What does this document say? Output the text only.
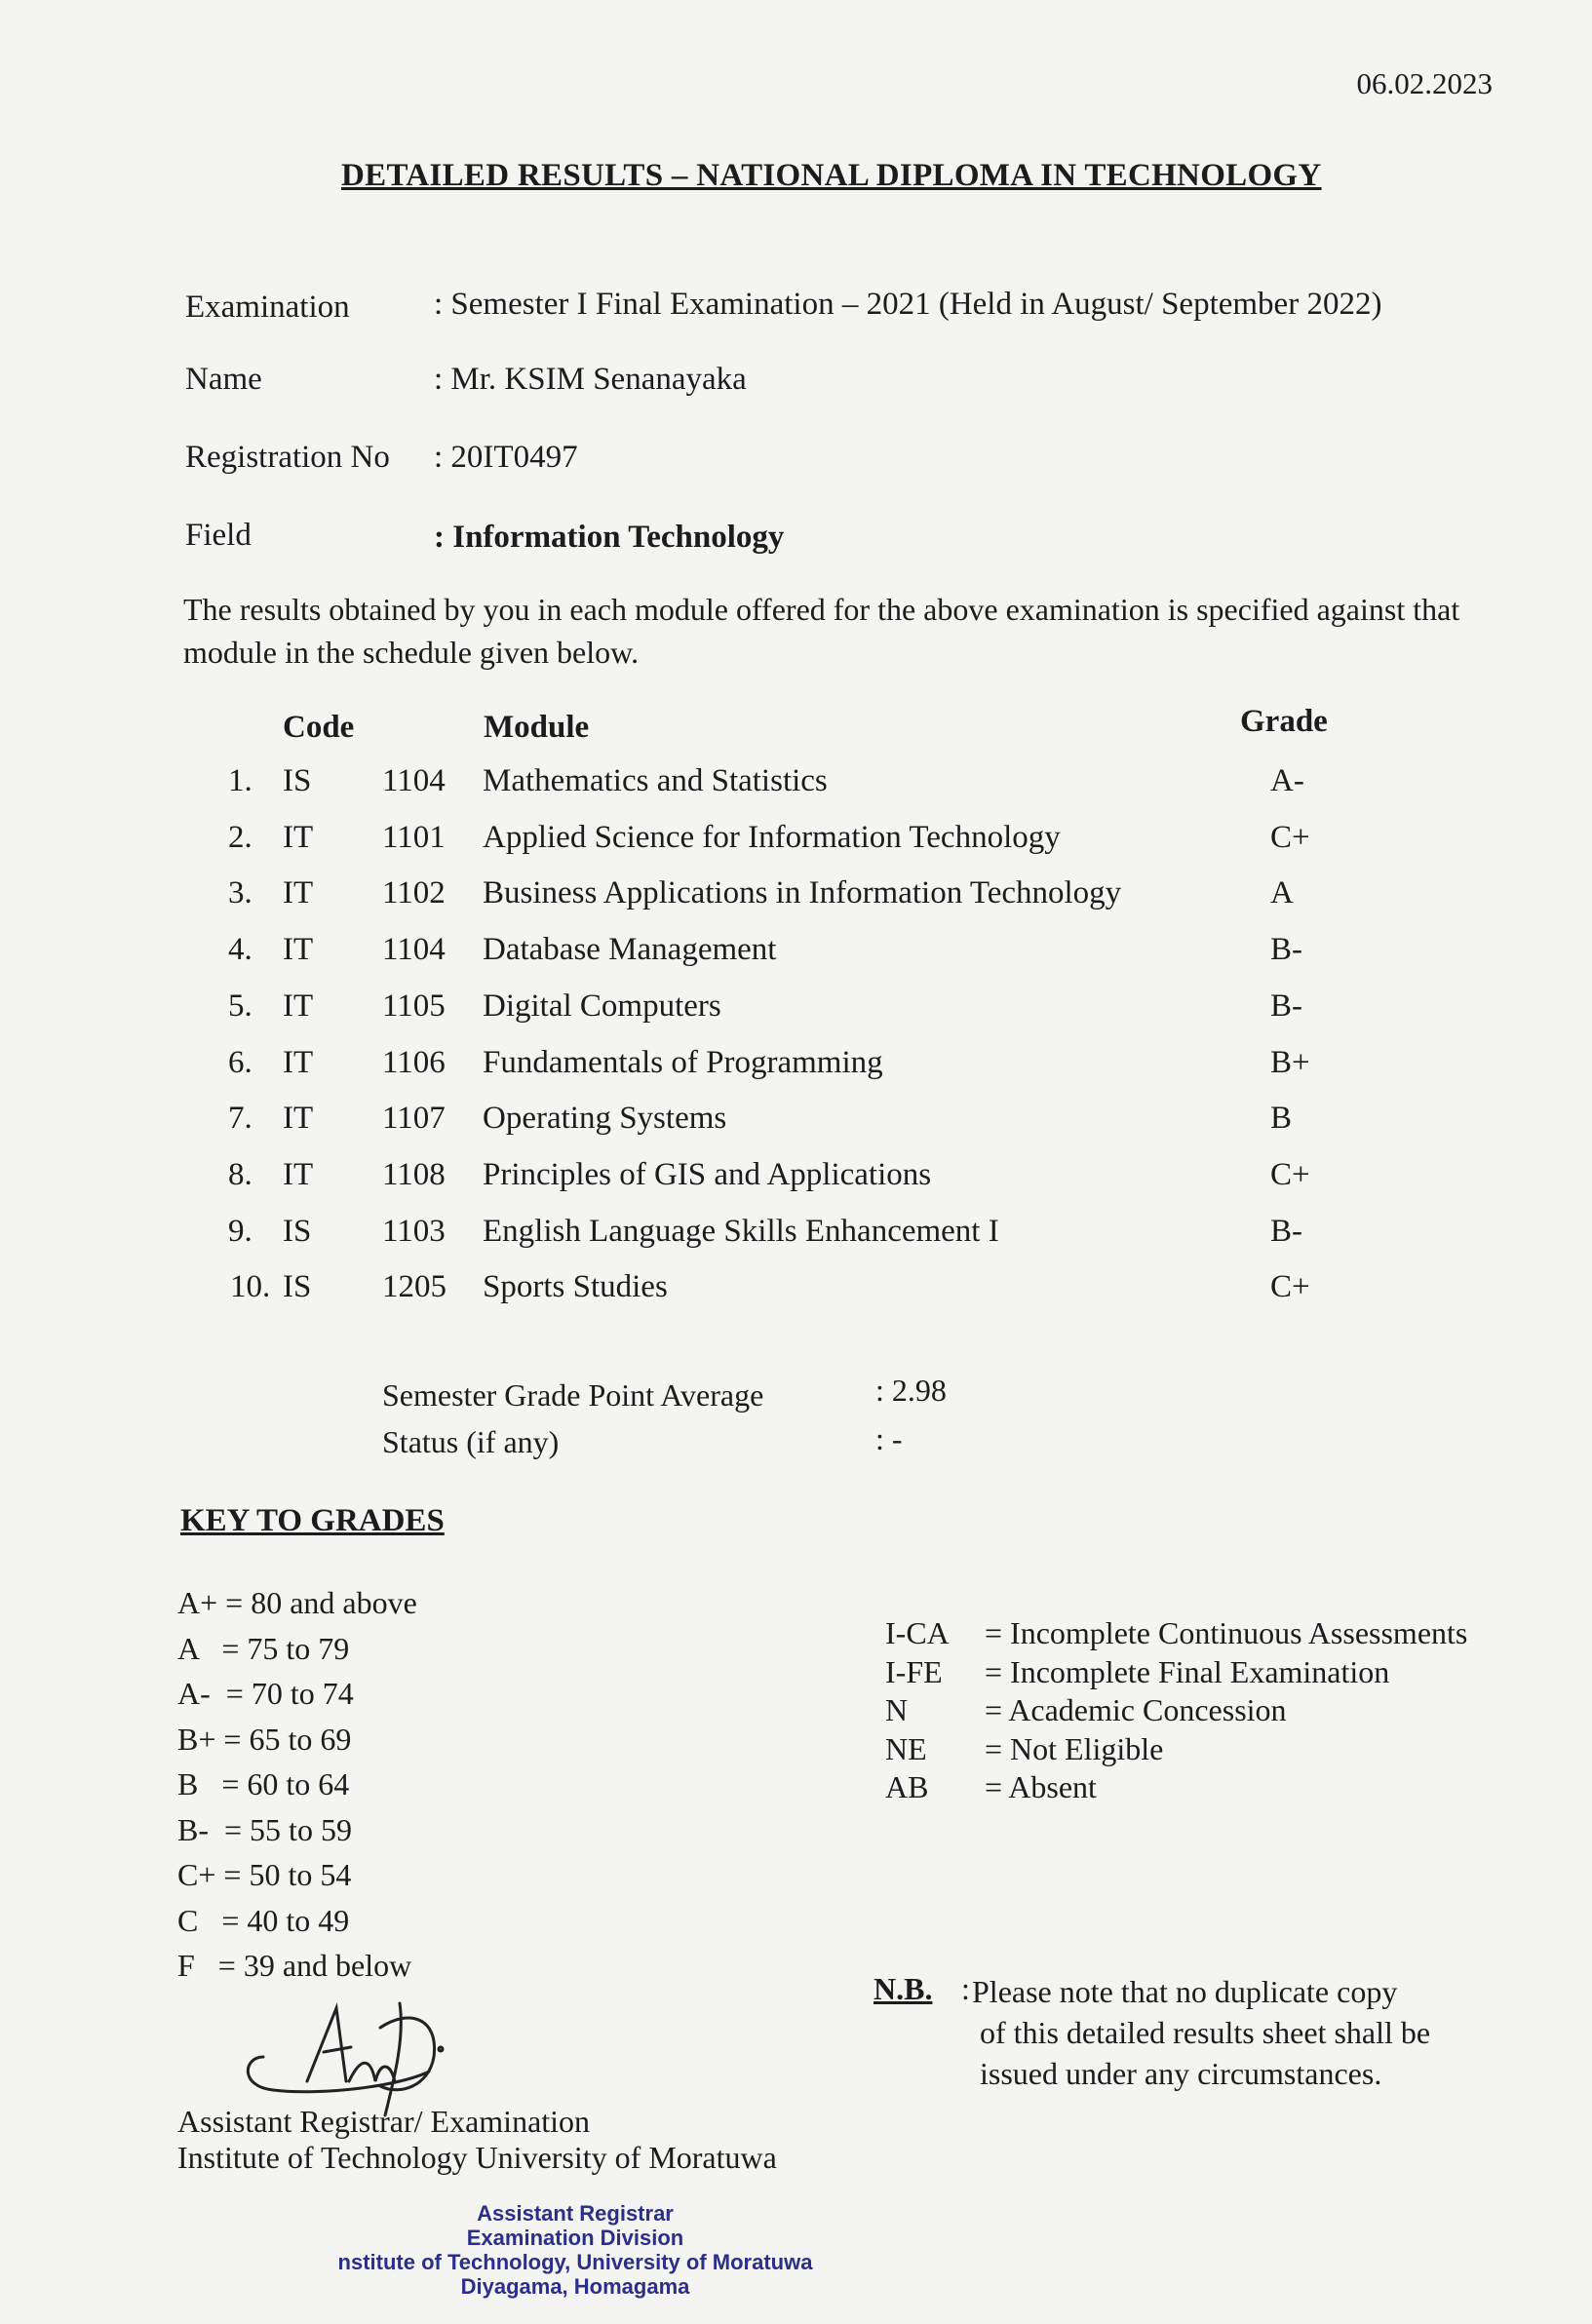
06.02.2023
DETAILED RESULTS – NATIONAL DIPLOMA IN TECHNOLOGY
Examination	: Semester I Final Examination – 2021 (Held in August/ September 2022)
Name	: Mr. KSIM Senanayaka
Registration No : 20IT0497
Field	: Information Technology
The results obtained by you in each module offered for the above examination is specified against that module in the schedule given below.
Code	Module	Grade
1. IS 1104 Mathematics and Statistics	A-
2. IT 1101 Applied Science for Information Technology	C+
3. IT 1102 Business Applications in Information Technology	A
4. IT 1104 Database Management	B-
5. IT 1105 Digital Computers	B-
6. IT 1106 Fundamentals of Programming	B+
7. IT 1107 Operating Systems	B
8. IT 1108 Principles of GIS and Applications	C+
9. IS 1103 English Language Skills Enhancement I	B-
10. IS 1205 Sports Studies	C+
Semester Grade Point Average	: 2.98
Status (if any)	: -
KEY TO GRADES
A+ = 80 and above
A   = 75 to 79
A-  = 70 to 74
B+ = 65 to 69
B   = 60 to 64
B-  = 55 to 59
C+ = 50 to 54
C   = 40 to 49
F   = 39 and below
I-CA = Incomplete Continuous Assessments
I-FE = Incomplete Final Examination
N = Academic Concession
NE = Not Eligible
AB = Absent
N.B. : Please note that no duplicate copy
of this detailed results sheet shall be
issued under any circumstances.
Assistant Registrar/ Examination
Institute of Technology University of Moratuwa
Assistant Registrar
Examination Division
nstitute of Technology, University of Moratuwa
Diyagama, Homagama
